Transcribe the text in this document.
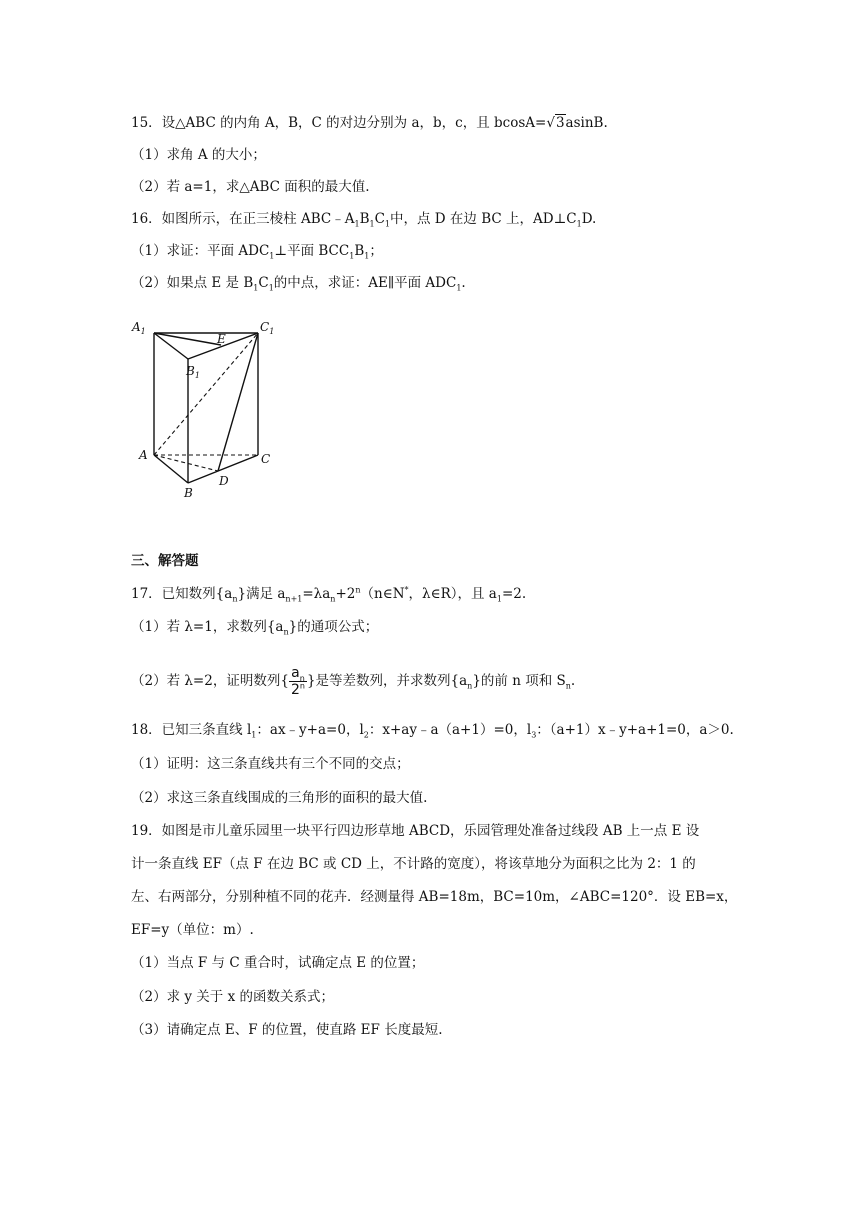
15．设△ABC 的内角 A，B，C 的对边分别为 a，b，c，且 bcosA=√3asinB.
（1）求角 A 的大小；
（2）若 a=1，求△ABC 面积的最大值.
16．如图所示，在正三棱柱 $ABC﹣A_1B_1C_1$中，点 D 在边 BC 上，$AD\perp C_1D$.
（1）求证：平面 $ADC_1\perp$平面 $BCC_1B_1$；
（2）如果点 E 是 $B_1C_1$的中点，求证：AE∥平面 $ADC_1$.
$A_1$	$C_1$
E
$B_1$
A	C
B
D
三、解答题
17．已知数列$\{a_n\}$满足 $a_{n+1}=\lambda a_n+2^n(n\in N^*$，λ∈R），且 $a_1=2$.
（1）若 λ=1，求数列$\{a_n\}$的通项公式；
（2）若 λ=2，证明数列{ $\frac{a_n}{2^n}$ }是等差数列，并求数列$\{a_n\}$的前 n 项和 $S_n$.
18．已知三条直线 $l_1$：ax﹣y+a=0，$l_2$：x+ay﹣a（a+1）=0，$l_3$：（a+1）x﹣y+a+1=0，a＞0.
（1）证明：这三条直线共有三个不同的交点；
（2）求这三条直线围成的三角形的面积的最大值.
19．如图是市儿童乐园里一块平行四边形草地 ABCD，乐园管理处准备过线段 AB 上一点 E 设
计一条直线 EF（点 F 在边 BC 或 CD 上，不计路的宽度），将该草地分为面积之比为 2：1 的
左、右两部分，分别种植不同的花卉．经测量得 AB=18m，BC=10m，∠ABC=120°．设 EB=x，
EF=y（单位：m）.
（1）当点 F 与 C 重合时，试确定点 E 的位置；
（2）求 y 关于 x 的函数关系式；
（3）请确定点 E、F 的位置，使直路 EF 长度最短.
